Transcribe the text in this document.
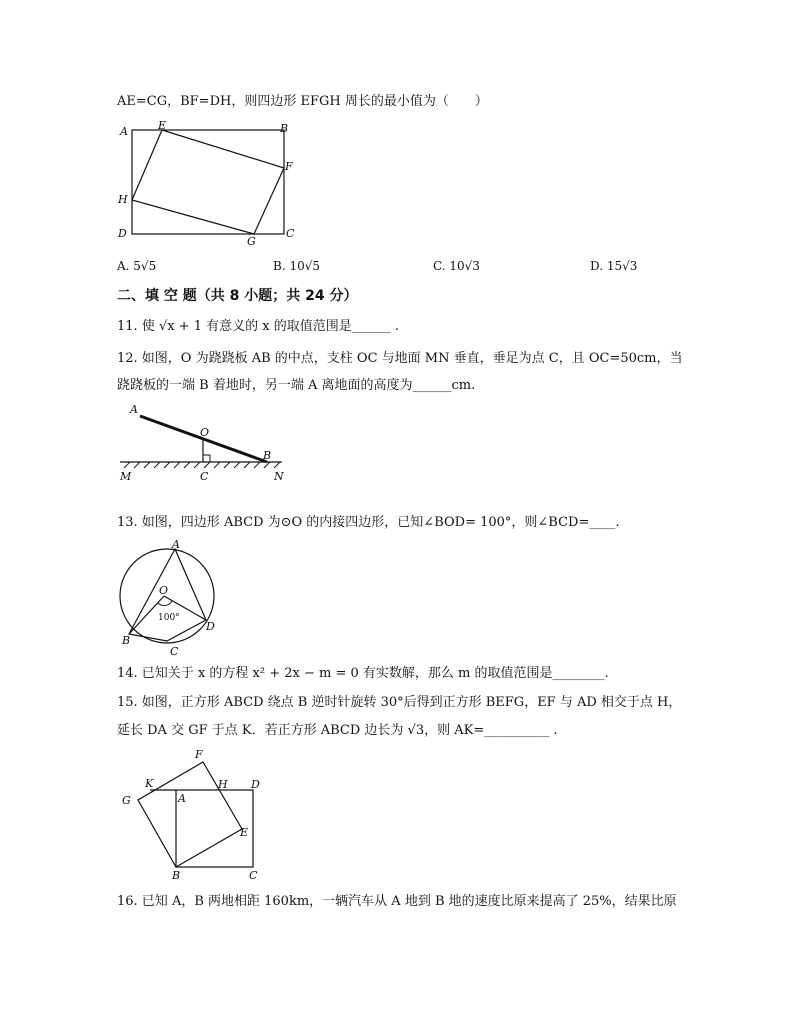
AE=CG，BF=DH，则四边形 EFGH 周长的最小值为（　　）
A	E	B
F
H
D
G
C
A. 5√5	B. 10√5	C. 10√3	D. 15√3
二、填 空 题（共 8 小题；共 24 分）
11. 使 √x + 1 有意义的 x 的取值范围是______ .
12. 如图，O 为跷跷板 AB 的中点，支柱 OC 与地面 MN 垂直，垂足为点 C，且 OC=50cm，当
跷跷板的一端 B 着地时，另一端 A 离地面的高度为______cm.
A
O
B
M	C	N
13. 如图，四边形 ABCD 为⊙O 的内接四边形，已知∠BOD= 100°，则∠BCD=____.
A
O
B
D
C
100°
14. 已知关于 x 的方程 x² + 2x − m = 0 有实数解，那么 m 的取值范围是________.
15. 如图，正方形 ABCD 绕点 B 逆时针旋转 30°后得到正方形 BEFG，EF 与 AD 相交于点 H，
延长 DA 交 GF 于点 K．若正方形 ABCD 边长为 √3，则 AK=__________ .
F
K	H D
G	A
E
B	C
16. 已知 A，B 两地相距 160km，一辆汽车从 A 地到 B 地的速度比原来提高了 25%，结果比原
